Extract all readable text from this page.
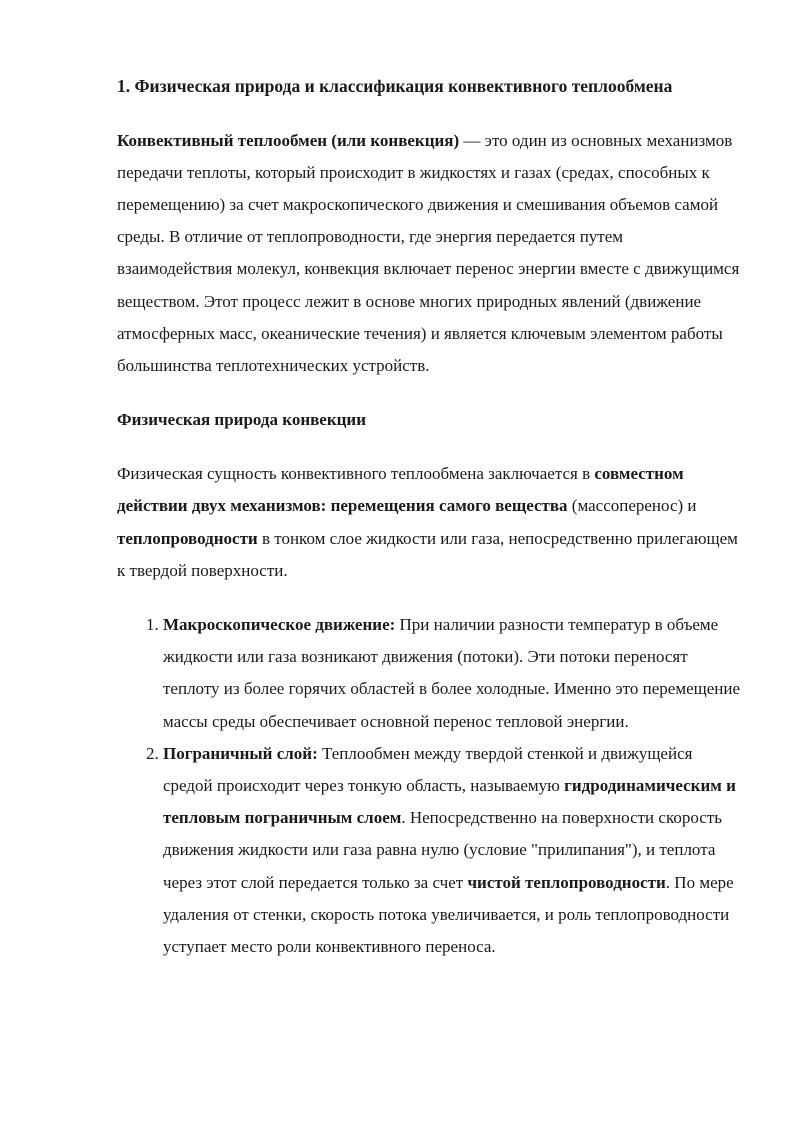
1. Физическая природа и классификация конвективного теплообмена

Конвективный теплообмен (или конвекция) — это один из основных механизмов передачи теплоты, который происходит в жидкостях и газах (средах, способных к перемещению) за счет макроскопического движения и смешивания объемов самой среды. В отличие от теплопроводности, где энергия передается путем взаимодействия молекул, конвекция включает перенос энергии вместе с движущимся веществом. Этот процесс лежит в основе многих природных явлений (движение атмосферных масс, океанические течения) и является ключевым элементом работы большинства теплотехнических устройств.

Физическая природа конвекции

Физическая сущность конвективного теплообмена заключается в совместном действии двух механизмов: перемещения самого вещества (массоперенос) и теплопроводности в тонком слое жидкости или газа, непосредственно прилегающем к твердой поверхности.

1. Макроскопическое движение: При наличии разности температур в объеме жидкости или газа возникают движения (потоки). Эти потоки переносят теплоту из более горячих областей в более холодные. Именно это перемещение массы среды обеспечивает основной перенос тепловой энергии.
2. Пограничный слой: Теплообмен между твердой стенкой и движущейся средой происходит через тонкую область, называемую гидродинамическим и тепловым пограничным слоем. Непосредственно на поверхности скорость движения жидкости или газа равна нулю (условие "прилипания"), и теплота через этот слой передается только за счет чистой теплопроводности. По мере удаления от стенки, скорость потока увеличивается, и роль теплопроводности уступает место роли конвективного переноса.
